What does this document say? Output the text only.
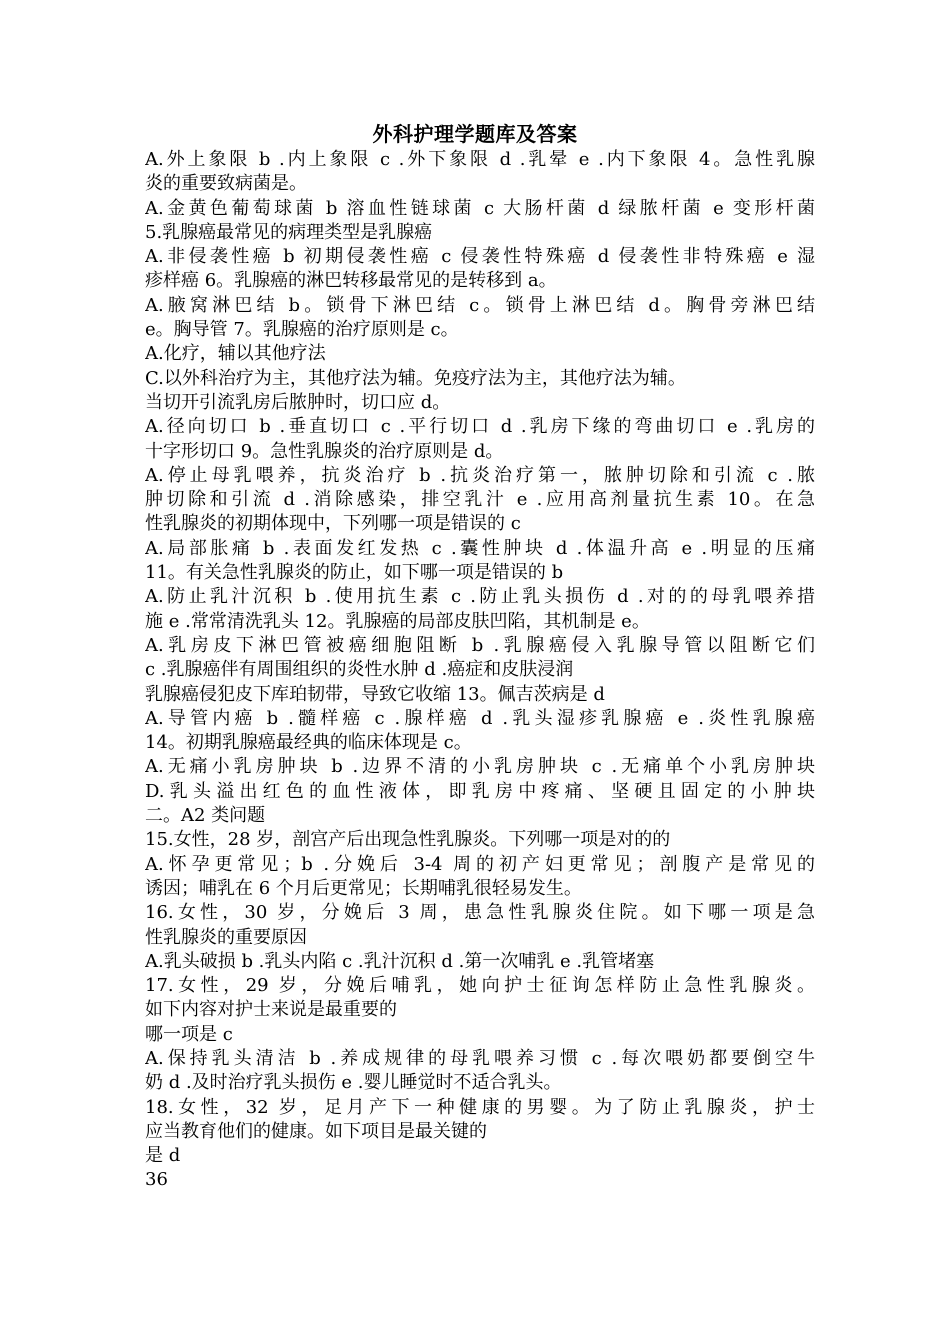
外科护理学题库及答案
A.外上象限 b .内上象限 c .外下象限 d .乳晕 e .内下象限 4。急性乳腺
炎的重要致病菌是。
A.金黄色葡萄球菌 b 溶血性链球菌 c 大肠杆菌 d 绿脓杆菌 e 变形杆菌
5.乳腺癌最常见的病理类型是乳腺癌
A.非侵袭性癌 b 初期侵袭性癌 c 侵袭性特殊癌 d 侵袭性非特殊癌 e 湿
疹样癌 6。乳腺癌的淋巴转移最常见的是转移到 a。
A.腋窝淋巴结 b。锁骨下淋巴结 c。锁骨上淋巴结 d。胸骨旁淋巴结
e。胸导管 7。乳腺癌的治疗原则是 c。
A.化疗，辅以其他疗法
C.以外科治疗为主，其他疗法为辅。免疫疗法为主，其他疗法为辅。
当切开引流乳房后脓肿时，切口应 d。
A.径向切口 b .垂直切口 c .平行切口 d .乳房下缘的弯曲切口 e .乳房的
十字形切口 9。急性乳腺炎的治疗原则是 d。
A.停止母乳喂养，抗炎治疗 b .抗炎治疗第一，脓肿切除和引流 c .脓
肿切除和引流 d .消除感染，排空乳汁 e .应用高剂量抗生素 10。在急
性乳腺炎的初期体现中，下列哪一项是错误的 c
A.局部胀痛 b .表面发红发热 c .囊性肿块 d .体温升高 e .明显的压痛
11。有关急性乳腺炎的防止，如下哪一项是错误的 b
A.防止乳汁沉积 b .使用抗生素 c .防止乳头损伤 d .对的的母乳喂养措
施 e .常常清洗乳头 12。乳腺癌的局部皮肤凹陷，其机制是 e。
A.乳房皮下淋巴管被癌细胞阻断 b .乳腺癌侵入乳腺导管以阻断它们
c .乳腺癌伴有周围组织的炎性水肿 d .癌症和皮肤浸润
乳腺癌侵犯皮下库珀韧带，导致它收缩 13。佩吉茨病是 d
A.导管内癌 b .髓样癌 c .腺样癌 d .乳头湿疹乳腺癌 e .炎性乳腺癌
14。初期乳腺癌最经典的临床体现是 c。
A.无痛小乳房肿块 b .边界不清的小乳房肿块 c .无痛单个小乳房肿块
D.乳头溢出红色的血性液体，即乳房中疼痛、坚硬且固定的小肿块
二。A2 类问题
15.女性，28 岁，剖宫产后出现急性乳腺炎。下列哪一项是对的的
A.怀孕更常见；b .分娩后 3-4 周的初产妇更常见；剖腹产是常见的
诱因；哺乳在 6 个月后更常见；长期哺乳很轻易发生。
16.女性，30 岁，分娩后 3 周，患急性乳腺炎住院。如下哪一项是急
性乳腺炎的重要原因
A.乳头破损 b .乳头内陷 c .乳汁沉积 d .第一次哺乳 e .乳管堵塞
17.女性，29 岁，分娩后哺乳，她向护士征询怎样防止急性乳腺炎。
如下内容对护士来说是最重要的
哪一项是 c
A.保持乳头清洁 b .养成规律的母乳喂养习惯 c .每次喂奶都要倒空牛
奶 d .及时治疗乳头损伤 e .婴儿睡觉时不适合乳头。
18.女性，32 岁，足月产下一种健康的男婴。为了防止乳腺炎，护士
应当教育他们的健康。如下项目是最关键的
是 d
36
